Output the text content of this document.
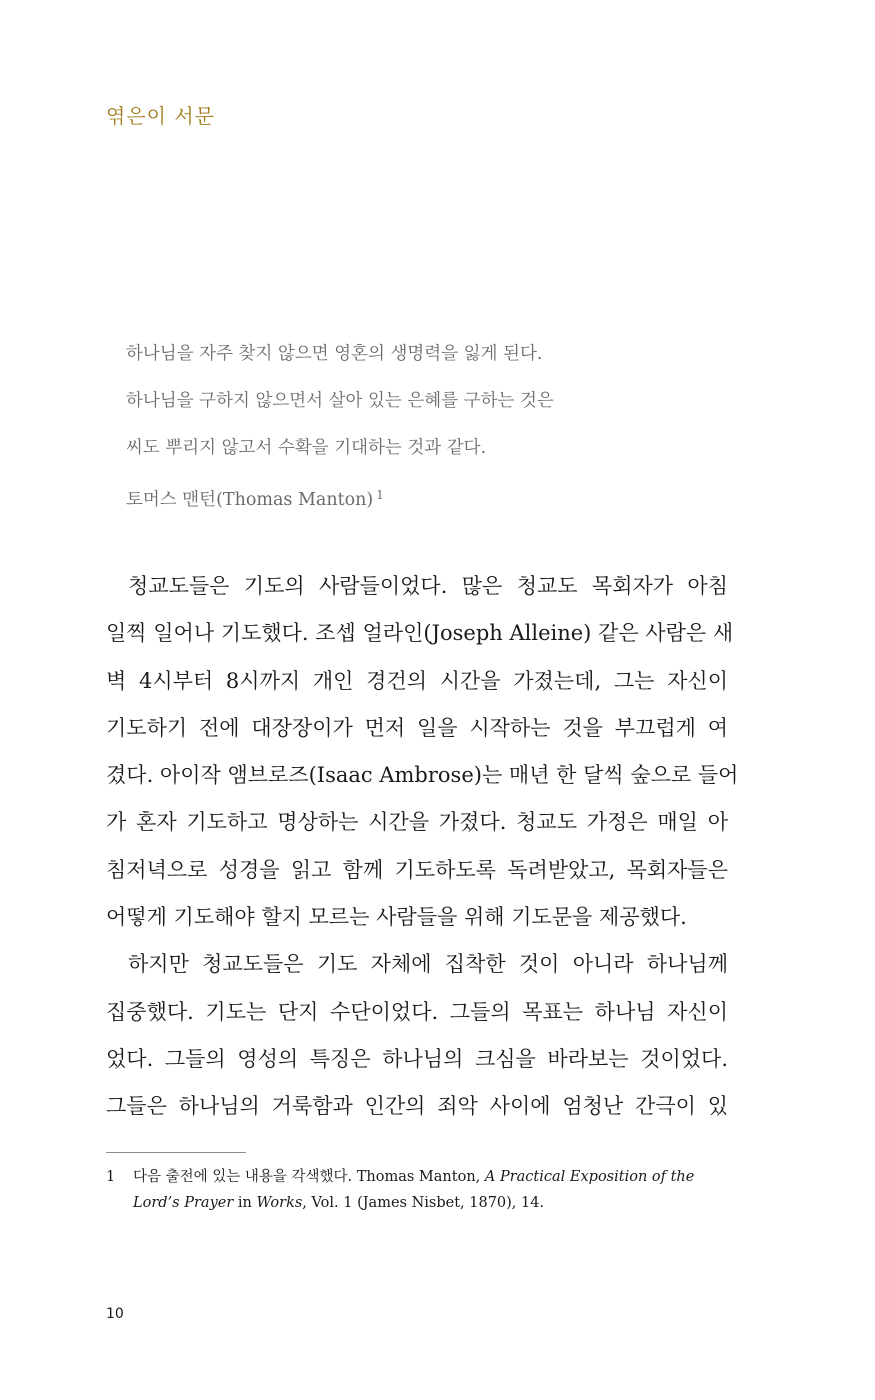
엮은이 서문
하나님을 자주 찾지 않으면 영혼의 생명력을 잃게 된다.
하나님을 구하지 않으면서 살아 있는 은혜를 구하는 것은
씨도 뿌리지 않고서 수확을 기대하는 것과 같다.
토머스 맨턴(Thomas Manton) $^1$
청교도들은 기도의 사람들이었다. 많은 청교도 목회자가 아침
일찍 일어나 기도했다. 조셉 얼라인(Joseph Alleine) 같은 사람은 새
벽 4시부터 8시까지 개인 경건의 시간을 가졌는데, 그는 자신이
기도하기 전에 대장장이가 먼저 일을 시작하는 것을 부끄럽게 여
겼다. 아이작 앰브로즈(Isaac Ambrose)는 매년 한 달씩 숲으로 들어
가 혼자 기도하고 명상하는 시간을 가졌다. 청교도 가정은 매일 아
침저녁으로 성경을 읽고 함께 기도하도록 독려받았고, 목회자들은
어떻게 기도해야 할지 모르는 사람들을 위해 기도문을 제공했다.
하지만 청교도들은 기도 자체에 집착한 것이 아니라 하나님께
집중했다. 기도는 단지 수단이었다. 그들의 목표는 하나님 자신이
었다. 그들의 영성의 특징은 하나님의 크심을 바라보는 것이었다.
그들은 하나님의 거룩함과 인간의 죄악 사이에 엄청난 간극이 있
1 다음 출전에 있는 내용을 각색했다. Thomas Manton, A Practical Exposition of the
Lord’s Prayer in Works, Vol. 1 (James Nisbet, 1870), 14.
10
